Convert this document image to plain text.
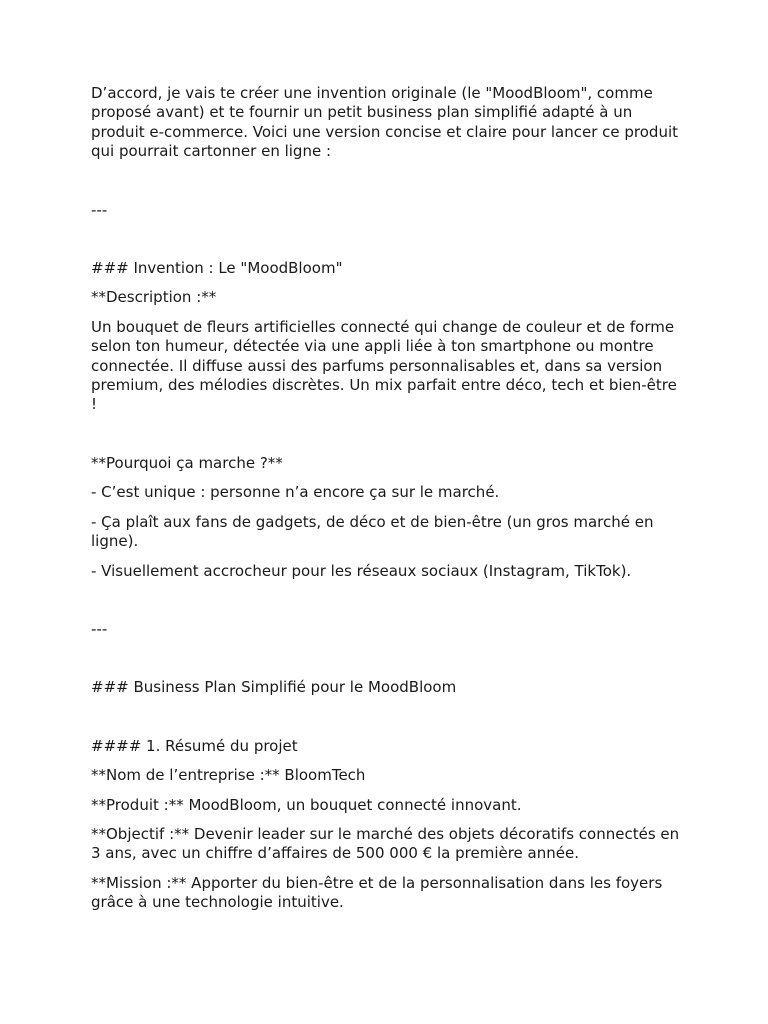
D’accord, je vais te créer une invention originale (le "MoodBloom", comme proposé avant) et te fournir un petit business plan simplifié adapté à un produit e-commerce. Voici une version concise et claire pour lancer ce produit qui pourrait cartonner en ligne :

---

### Invention : Le "MoodBloom"

**Description :**

Un bouquet de fleurs artificielles connecté qui change de couleur et de forme selon ton humeur, détectée via une appli liée à ton smartphone ou montre connectée. Il diffuse aussi des parfums personnalisables et, dans sa version premium, des mélodies discrètes. Un mix parfait entre déco, tech et bien-être !

**Pourquoi ça marche ?**

- C’est unique : personne n’a encore ça sur le marché.

- Ça plaît aux fans de gadgets, de déco et de bien-être (un gros marché en ligne).

- Visuellement accrocheur pour les réseaux sociaux (Instagram, TikTok).

---

### Business Plan Simplifié pour le MoodBloom

#### 1. Résumé du projet

**Nom de l’entreprise :** BloomTech

**Produit :** MoodBloom, un bouquet connecté innovant.

**Objectif :** Devenir leader sur le marché des objets décoratifs connectés en 3 ans, avec un chiffre d’affaires de 500 000 € la première année.

**Mission :** Apporter du bien-être et de la personnalisation dans les foyers grâce à une technologie intuitive.
